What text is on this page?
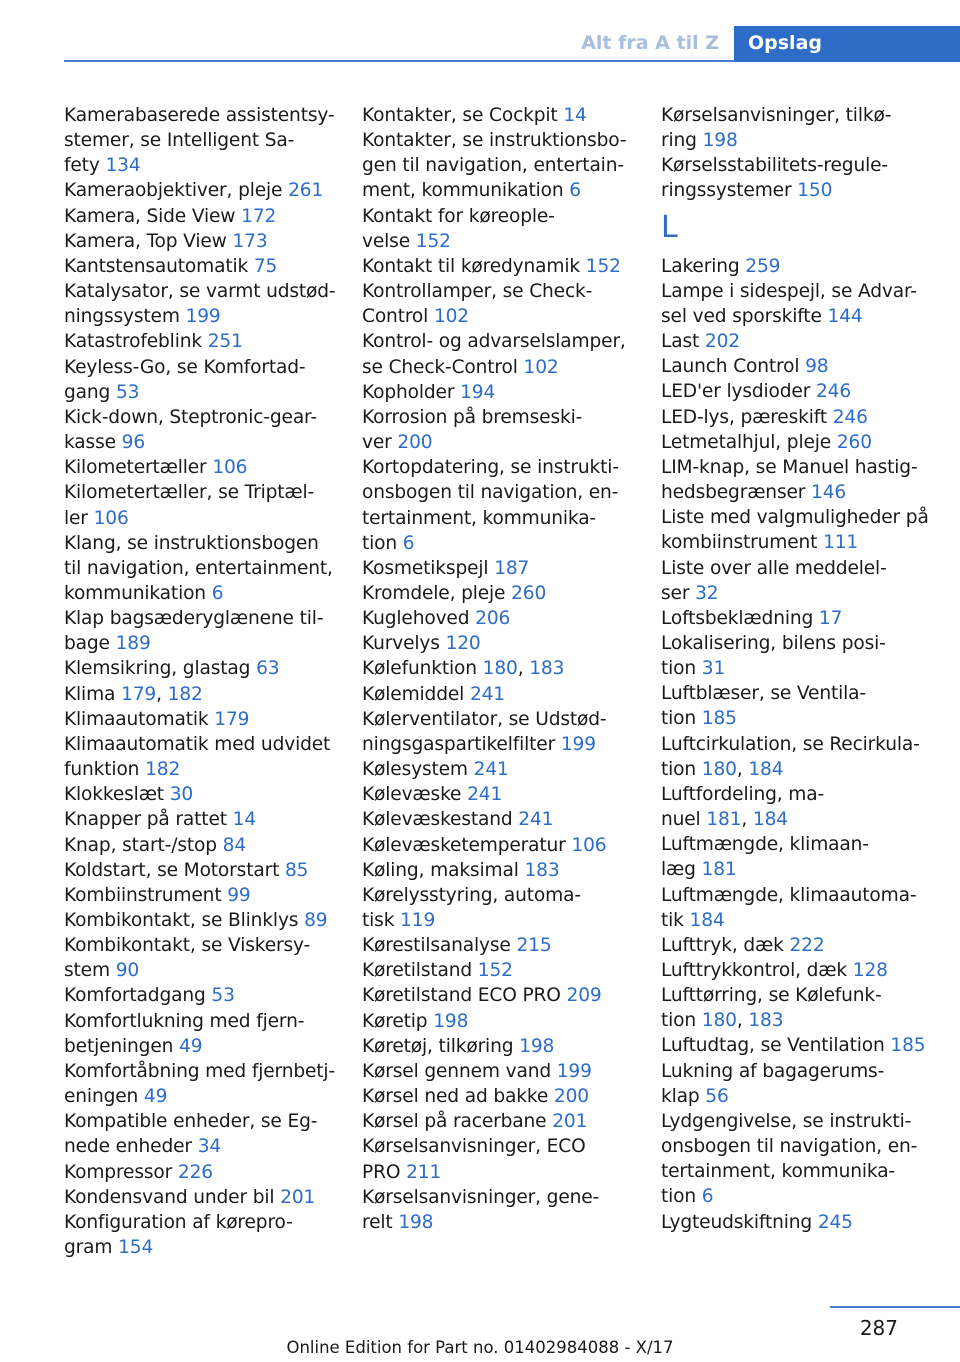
Alt fra A til Z	Opslag
Kamerabaserede assistentsy-
stemer, se Intelligent Sa-
fety 134
Kameraobjektiver, pleje 261
Kamera, Side View 172
Kamera, Top View 173
Kantstensautomatik 75
Katalysator, se varmt udstød-
ningssystem 199
Katastrofeblink 251
Keyless-Go, se Komfortad-
gang 53
Kick-down, Steptronic-gear-
kasse 96
Kilometertæller 106
Kilometertæller, se Triptæl-
ler 106
Klang, se instruktionsbogen
til navigation, entertainment,
kommunikation 6
Klap bagsæderyglænene til-
bage 189
Klemsikring, glastag 63
Klima 179, 182
Klimaautomatik 179
Klimaautomatik med udvidet
funktion 182
Klokkeslæt 30
Knapper på rattet 14
Knap, start-/stop 84
Koldstart, se Motorstart 85
Kombiinstrument 99
Kombikontakt, se Blinklys 89
Kombikontakt, se Viskersy-
stem 90
Komfortadgang 53
Komfortlukning med fjern-
betjeningen 49
Komfortåbning med fjernbetj-
eningen 49
Kompatible enheder, se Eg-
nede enheder 34
Kompressor 226
Kondensvand under bil 201
Konfiguration af kørepro-
gram 154
Kontakter, se Cockpit 14
Kontakter, se instruktionsbo-
gen til navigation, entertain-
ment, kommunikation 6
Kontakt for køreople-
velse 152
Kontakt til køredynamik 152
Kontrollamper, se Check-
Control 102
Kontrol- og advarselslamper,
se Check-Control 102
Kopholder 194
Korrosion på bremseski-
ver 200
Kortopdatering, se instrukti-
onsbogen til navigation, en-
tertainment, kommunika-
tion 6
Kosmetikspejl 187
Kromdele, pleje 260
Kuglehoved 206
Kurvelys 120
Kølefunktion 180, 183
Kølemiddel 241
Kølerventilator, se Udstød-
ningsgaspartikelfilter 199
Kølesystem 241
Kølevæske 241
Kølevæskestand 241
Kølevæsketemperatur 106
Køling, maksimal 183
Kørelysstyring, automa-
tisk 119
Kørestilsanalyse 215
Køretilstand 152
Køretilstand ECO PRO 209
Køretip 198
Køretøj, tilkøring 198
Kørsel gennem vand 199
Kørsel ned ad bakke 200
Kørsel på racerbane 201
Kørselsanvisninger, ECO
PRO 211
Kørselsanvisninger, gene-
relt 198
Kørselsanvisninger, tilkø-
ring 198
Kørselsstabilitets-regule-
ringssystemer 150
L
Lakering 259
Lampe i sidespejl, se Advar-
sel ved sporskifte 144
Last 202
Launch Control 98
LED'er lysdioder 246
LED-lys, pæreskift 246
Letmetalhjul, pleje 260
LIM-knap, se Manuel hastig-
hedsbegrænser 146
Liste med valgmuligheder på
kombiinstrument 111
Liste over alle meddelel-
ser 32
Loftsbeklædning 17
Lokalisering, bilens posi-
tion 31
Luftblæser, se Ventila-
tion 185
Luftcirkulation, se Recirkula-
tion 180, 184
Luftfordeling, ma-
nuel 181, 184
Luftmængde, klimaan-
læg 181
Luftmængde, klimaautoma-
tik 184
Lufttryk, dæk 222
Lufttrykkontrol, dæk 128
Lufttørring, se Kølefunk-
tion 180, 183
Luftudtag, se Ventilation 185
Lukning af bagagerums-
klap 56
Lydgengivelse, se instrukti-
onsbogen til navigation, en-
tertainment, kommunika-
tion 6
Lygteudskiftning 245
287
Online Edition for Part no. 01402984088 - X/17
